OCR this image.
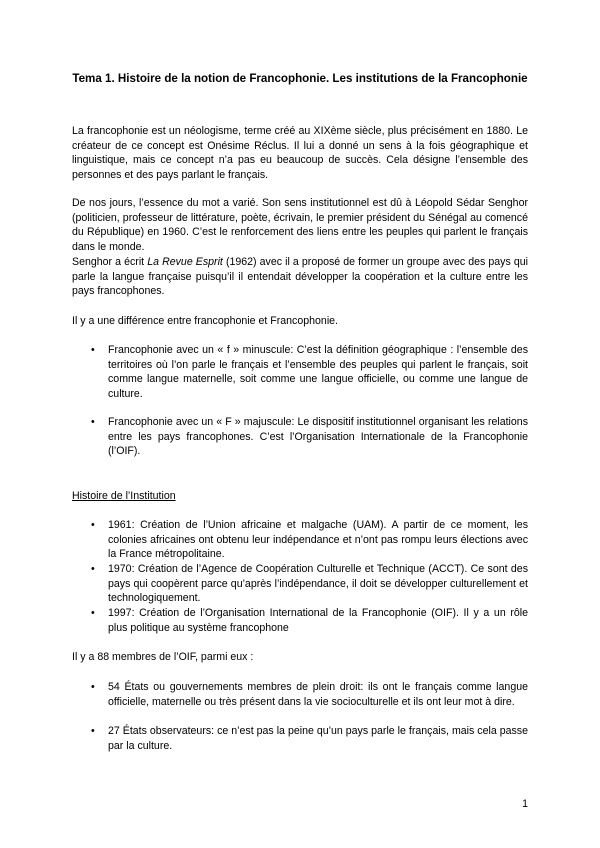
Tema 1. Histoire de la notion de Francophonie. Les institutions de la Francophonie

La francophonie est un néologisme, terme créé au XIXème siècle, plus précisément en 1880. Le créateur de ce concept est Onésime Réclus. Il lui a donné un sens à la fois géographique et linguistique, mais ce concept n’a pas eu beaucoup de succès. Cela désigne l’ensemble des personnes et des pays parlant le français.

De nos jours, l’essence du mot a varié. Son sens institutionnel est dû à Léopold Sédar Senghor (politicien, professeur de littérature, poète, écrivain, le premier président du Sénégal au comencé du République) en 1960. C’est le renforcement des liens entre les peuples qui parlent le français dans le monde.

Senghor a écrit La Revue Esprit (1962) avec il a proposé de former un groupe avec des pays qui parle la langue française puisqu’il il entendait développer la coopération et la culture entre les pays francophones.

Il y a une différence entre francophonie et Francophonie.

• Francophonie avec un « f » minuscule: C’est la définition géographique : l’ensemble des territoires où l’on parle le français et l’ensemble des peuples qui parlent le français, soit comme langue maternelle, soit comme une langue officielle, ou comme une langue de culture.

• Francophonie avec un « F » majuscule: Le dispositif institutionnel organisant les relations entre les pays francophones. C’est l’Organisation Internationale de la Francophonie (l’OIF).

Histoire de l’Institution

• 1961: Création de l’Union africaine et malgache (UAM). A partir de ce moment, les colonies africaines ont obtenu leur indépendance et n’ont pas rompu leurs élections avec la France métropolitaine.

• 1970: Création de l’Agence de Coopération Culturelle et Technique (ACCT). Ce sont des pays qui coopèrent parce qu’après l’indépendance, il doit se développer culturellement et technologiquement.

• 1997: Création de l’Organisation International de la Francophonie (OIF). Il y a un rôle plus politique au système francophone

Il y a 88 membres de l’OIF, parmi eux :

• 54 États ou gouvernements membres de plein droit: ils ont le français comme langue officielle, maternelle ou très présent dans la vie socioculturelle et ils ont leur mot à dire.

• 27 États observateurs: ce n’est pas la peine qu’un pays parle le français, mais cela passe par la culture.

1
